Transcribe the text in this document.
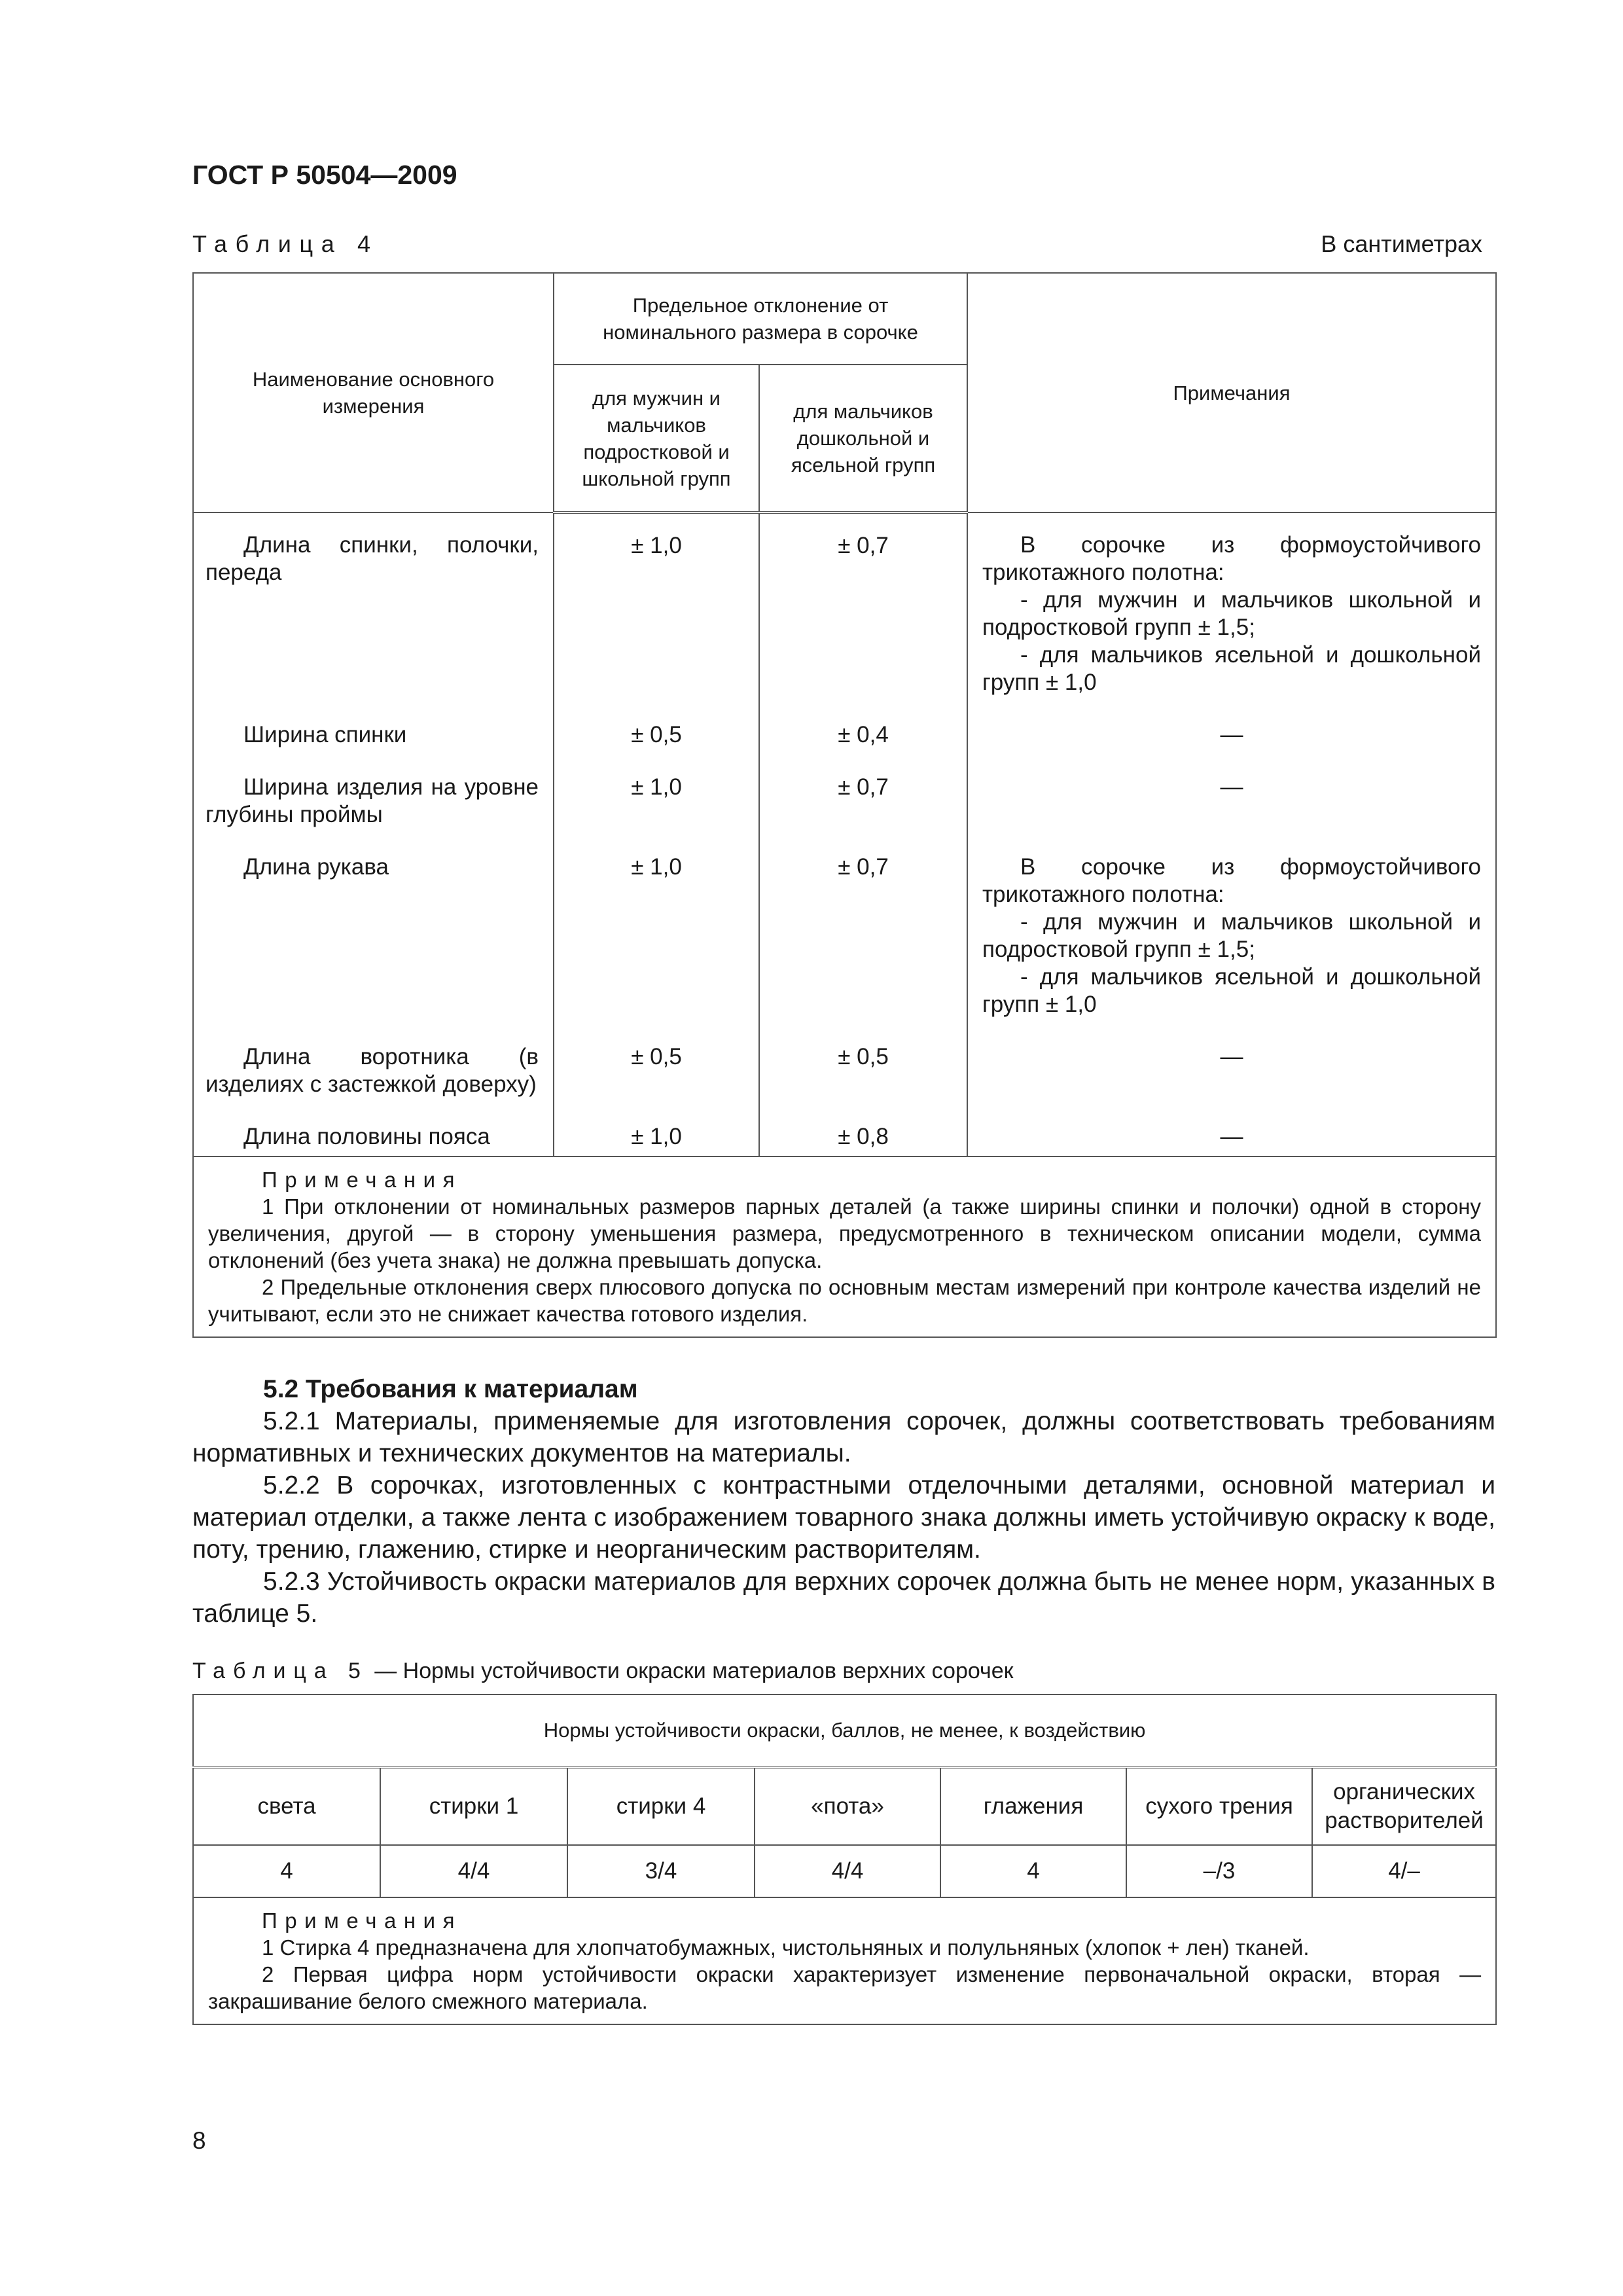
ГОСТ Р 50504—2009
Таблица 4	В сантиметрах
Наименование основного измерения	Предельное отклонение от номинального размера в сорочке		Примечания
	для мужчин и мальчиков подростковой и школьной групп	для мальчиков дошкольной и ясельной групп	
Длина спинки, полочки, переда	± 1,0	± 0,7	В сорочке из формоустойчивого трикотажного полотна:
- для мужчин и мальчиков школьной и подростковой групп ± 1,5;
- для мальчиков ясельной и дошкольной групп ± 1,0

Ширина спинки	± 0,5	± 0,4	—
Ширина изделия на уровне глубины проймы	± 1,0	± 0,7	—
Длина рукава	± 1,0	± 0,7	В сорочке из формоустойчивого трикотажного полотна:
- для мужчин и мальчиков школьной и подростковой групп ± 1,5;
- для мальчиков ясельной и дошкольной групп ± 1,0

Длина воротника (в изделиях с застежкой доверху)	± 0,5	± 0,5	—
Длина половины пояса	± 1,0	± 0,8	—

Примечания
1 При отклонении от номинальных размеров парных деталей (а также ширины спинки и полочки) одной в сторону увеличения, другой — в сторону уменьшения размера, предусмотренного в техническом описании модели, сумма отклонений (без учета знака) не должна превышать допуска.
2 Предельные отклонения сверх плюсового допуска по основным местам измерений при контроле качества изделий не учитывают, если это не снижает качества готового изделия.			
5.2 Требования к материалам
5.2.1 Материалы, применяемые для изготовления сорочек, должны соответствовать требованиям нормативных и технических документов на материалы.
5.2.2 В сорочках, изготовленных с контрастными отделочными деталями, основной материал и материал отделки, а также лента с изображением товарного знака должны иметь устойчивую окраску к воде, поту, трению, глажению, стирке и неорганическим растворителям.
5.2.3 Устойчивость окраски материалов для верхних сорочек должна быть не менее норм, указанных в таблице 5.
Таблица 5 — Нормы устойчивости окраски материалов верхних сорочек
Нормы устойчивости окраски, баллов, не менее, к воздействию						
света	стирки 1	стирки 4	«пота»	глажения	сухого трения	органических растворителей
4	4/4	3/4	4/4	4	–/3	4/–

Примечания
1 Стирка 4 предназначена для хлопчатобумажных, чистольняных и полульняных (хлопок + лен) тканей.
2 Первая цифра норм устойчивости окраски характеризует изменение первоначальной окраски, вторая — закрашивание белого смежного материала.						
8
